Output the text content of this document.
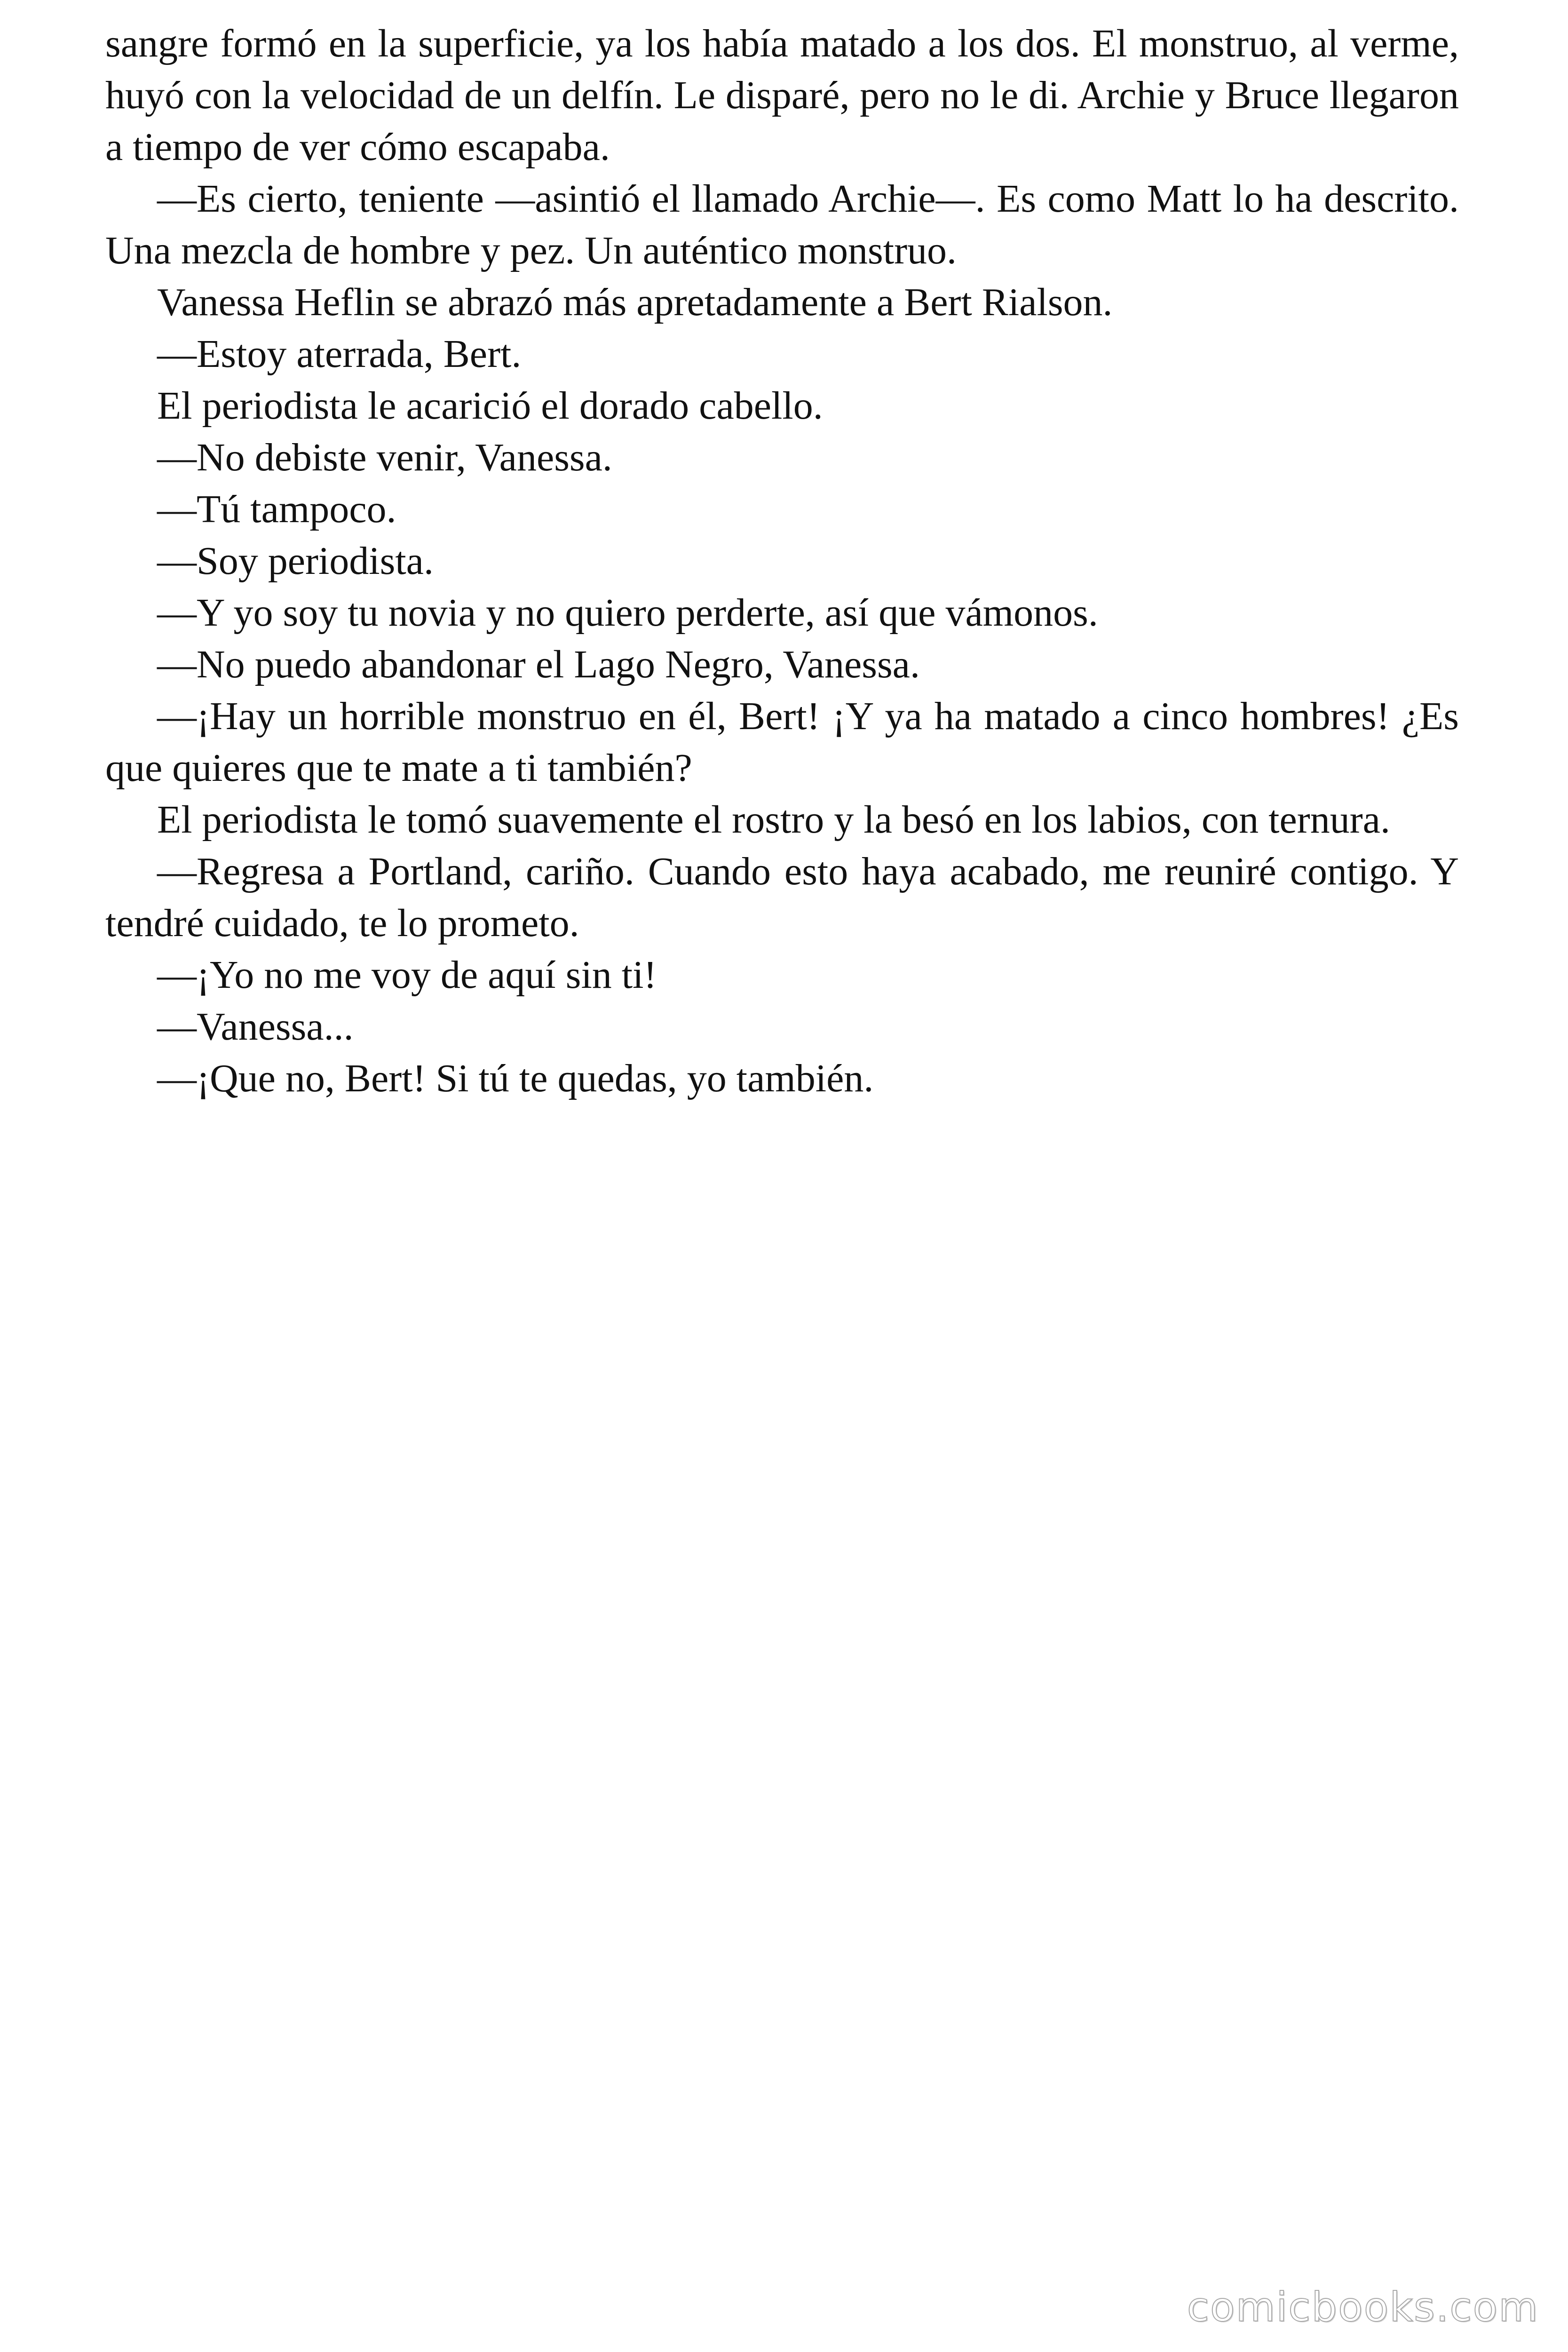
sangre formó en la superficie, ya los había matado a los dos. El monstruo, al verme, huyó con la velocidad de un delfín. Le disparé, pero no le di. Archie y Bruce llegaron a tiempo de ver cómo escapaba.

—Es cierto, teniente —asintió el llamado Archie—. Es como Matt lo ha descrito. Una mezcla de hombre y pez. Un auténtico monstruo.

Vanessa Heflin se abrazó más apretadamente a Bert Rialson.

—Estoy aterrada, Bert.

El periodista le acarició el dorado cabello.

—No debiste venir, Vanessa.

—Tú tampoco.

—Soy periodista.

—Y yo soy tu novia y no quiero perderte, así que vámonos.

—No puedo abandonar el Lago Negro, Vanessa.

—¡Hay un horrible monstruo en él, Bert! ¡Y ya ha matado a cinco hombres! ¿Es que quieres que te mate a ti también?

El periodista le tomó suavemente el rostro y la besó en los labios, con ternura.

—Regresa a Portland, cariño. Cuando esto haya acabado, me reuniré contigo. Y tendré cuidado, te lo prometo.

—¡Yo no me voy de aquí sin ti!

—Vanessa...

—¡Que no, Bert! Si tú te quedas, yo también.

comicbooks.com
